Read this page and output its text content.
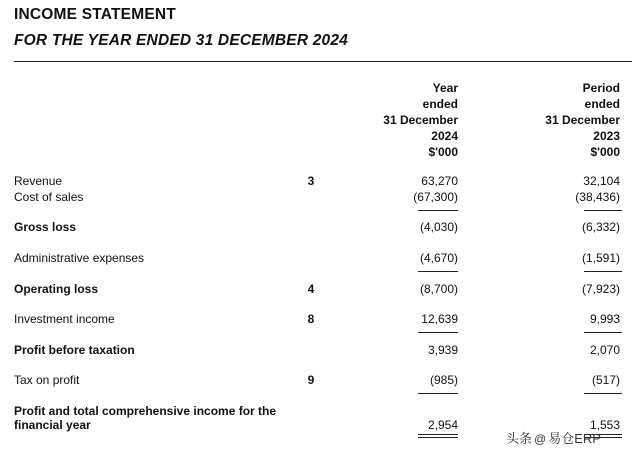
INCOME STATEMENT
FOR THE YEAR ENDED 31 DECEMBER 2024
Year
ended
31 December
2024
$'000
Period
ended
31 December
2023
$'000
Revenue	3	63,270	32,104
Cost of sales	(67,300)	(38,436)
Gross loss	(4,030)	(6,332)
Administrative expenses	(4,670)	(1,591)
Operating loss	4	(8,700)	(7,923)
Investment income	8	12,639	9,993
Profit before taxation	3,939	2,070
Tax on profit	9	(985)	(517)
Profit and total comprehensive income for the
financial year	2,954	1,553
头条 @ 易仓ERP
